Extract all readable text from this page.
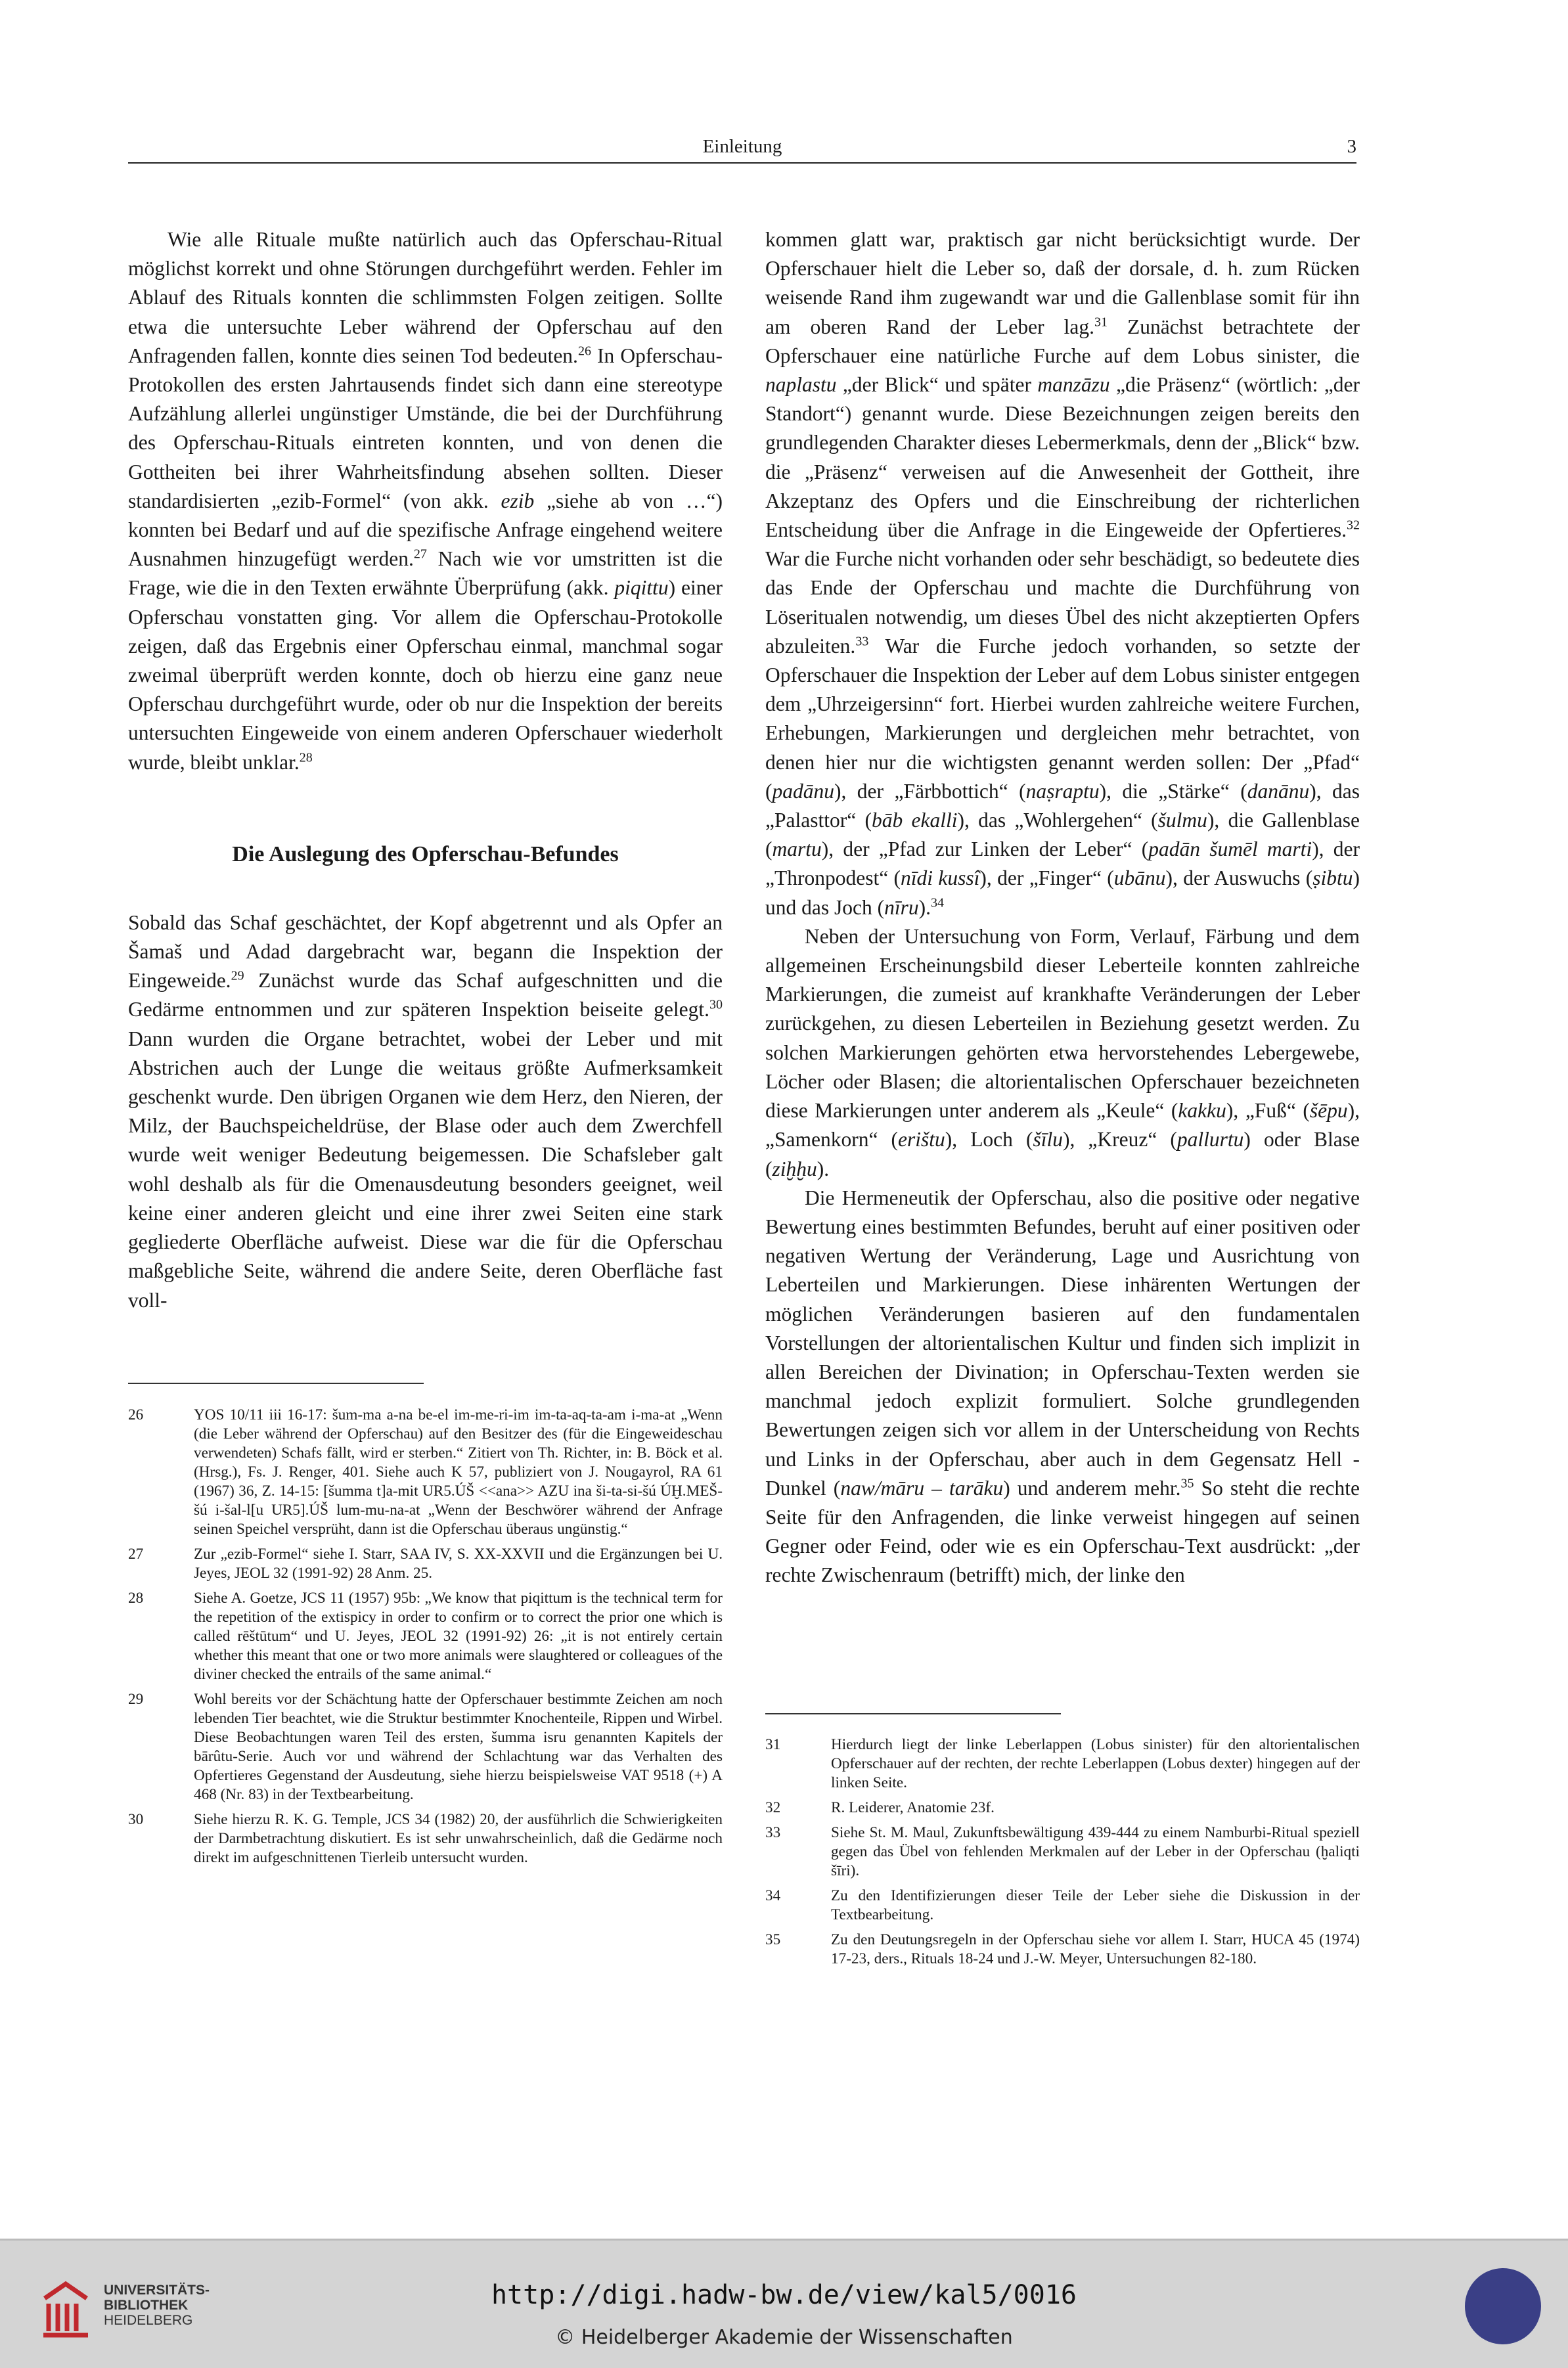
Einleitung	3

Wie alle Rituale mußte natürlich auch das Opferschau-Ritual möglichst korrekt und ohne Störungen durchgeführt werden. Fehler im Ablauf des Rituals konnten die schlimmsten Folgen zeitigen. Sollte etwa die untersuchte Leber während der Opferschau auf den Anfragenden fallen, konnte dies seinen Tod bedeuten.$^{26}$ In Opferschau-Protokollen des ersten Jahrtausends findet sich dann eine stereotype Aufzählung allerlei ungünstiger Umstände, die bei der Durchführung des Opferschau-Rituals eintreten konnten, und von denen die Gottheiten bei ihrer Wahrheitsfindung absehen sollten. Dieser standardisierten „ezib-Formel“ (von akk. ezib „siehe ab von …“) konnten bei Bedarf und auf die spezifische Anfrage eingehend weitere Ausnahmen hinzugefügt werden.$^{27}$ Nach wie vor umstritten ist die Frage, wie die in den Texten erwähnte Überprüfung (akk. piqittu) einer Opferschau vonstatten ging. Vor allem die Opferschau-Protokolle zeigen, daß das Ergebnis einer Opferschau einmal, manchmal sogar zweimal überprüft werden konnte, doch ob hierzu eine ganz neue Opferschau durchgeführt wurde, oder ob nur die Inspektion der bereits untersuchten Eingeweide von einem anderen Opferschauer wiederholt wurde, bleibt unklar.$^{28}$

Die Auslegung des Opferschau-Befundes

Sobald das Schaf geschächtet, der Kopf abgetrennt und als Opfer an Šamaš und Adad dargebracht war, begann die Inspektion der Eingeweide.$^{29}$ Zunächst wurde das Schaf aufgeschnitten und die Gedärme entnommen und zur späteren Inspektion beiseite gelegt.$^{30}$ Dann wurden die Organe betrachtet, wobei der Leber und mit Abstrichen auch der Lunge die weitaus größte Aufmerksamkeit geschenkt wurde. Den übrigen Organen wie dem Herz, den Nieren, der Milz, der Bauchspeicheldrüse, der Blase oder auch dem Zwerchfell wurde weit weniger Bedeutung beigemessen. Die Schafsleber galt wohl deshalb als für die Omenausdeutung besonders geeignet, weil keine einer anderen gleicht und eine ihrer zwei Seiten eine stark gegliederte Oberfläche aufweist. Diese war die für die Opferschau maßgebliche Seite, während die andere Seite, deren Oberfläche fast voll-

kommen glatt war, praktisch gar nicht berücksichtigt wurde. Der Opferschauer hielt die Leber so, daß der dorsale, d. h. zum Rücken weisende Rand ihm zugewandt war und die Gallenblase somit für ihn am oberen Rand der Leber lag.$^{31}$ Zunächst betrachtete der Opferschauer eine natürliche Furche auf dem Lobus sinister, die naplastu „der Blick“ und später manzāzu „die Präsenz“ (wörtlich: „der Standort“) genannt wurde. Diese Bezeichnungen zeigen bereits den grundlegenden Charakter dieses Lebermerkmals, denn der „Blick“ bzw. die „Präsenz“ verweisen auf die Anwesenheit der Gottheit, ihre Akzeptanz des Opfers und die Einschreibung der richterlichen Entscheidung über die Anfrage in die Eingeweide der Opfertieres.$^{32}$ War die Furche nicht vorhanden oder sehr beschädigt, so bedeutete dies das Ende der Opferschau und machte die Durchführung von Löseritualen notwendig, um dieses Übel des nicht akzeptierten Opfers abzuleiten.$^{33}$ War die Furche jedoch vorhanden, so setzte der Opferschauer die Inspektion der Leber auf dem Lobus sinister entgegen dem „Uhrzeigersinn“ fort. Hierbei wurden zahlreiche weitere Furchen, Erhebungen, Markierungen und dergleichen mehr betrachtet, von denen hier nur die wichtigsten genannt werden sollen: Der „Pfad“ (padānu), der „Färbbottich“ (naṣraptu), die „Stärke“ (danānu), das „Palasttor“ (bāb ekalli), das „Wohlergehen“ (šulmu), die Gallenblase (martu), der „Pfad zur Linken der Leber“ (padān šumēl marti), der „Thronpodest“ (nīdi kussî), der „Finger“ (ubānu), der Auswuchs (ṣibtu) und das Joch (nīru).$^{34}$

Neben der Untersuchung von Form, Verlauf, Färbung und dem allgemeinen Erscheinungsbild dieser Leberteile konnten zahlreiche Markierungen, die zumeist auf krankhafte Veränderungen der Leber zurückgehen, zu diesen Leberteilen in Beziehung gesetzt werden. Zu solchen Markierungen gehörten etwa hervorstehendes Lebergewebe, Löcher oder Blasen; die altorientalischen Opferschauer bezeichneten diese Markierungen unter anderem als „Keule“ (kakku), „Fuß“ (šēpu), „Samenkorn“ (erištu), Loch (šīlu), „Kreuz“ (pallurtu) oder Blase (ziḫḫu).

Die Hermeneutik der Opferschau, also die positive oder negative Bewertung eines bestimmten Befundes, beruht auf einer positiven oder negativen Wertung der Veränderung, Lage und Ausrichtung von Leberteilen und Markierungen. Diese inhärenten Wertungen der möglichen Veränderungen basieren auf den fundamentalen Vorstellungen der altorientalischen Kultur und finden sich implizit in allen Bereichen der Divination; in Opferschau-Texten werden sie manchmal jedoch explizit formuliert. Solche grundlegenden Bewertungen zeigen sich vor allem in der Unterscheidung von Rechts und Links in der Opferschau, aber auch in dem Gegensatz Hell - Dunkel (naw/māru – tarāku) und anderem mehr.$^{35}$ So steht die rechte Seite für den Anfragenden, die linke verweist hingegen auf seinen Gegner oder Feind, oder wie es ein Opferschau-Text ausdrückt: „der rechte Zwischenraum (betrifft) mich, der linke den

26	YOS 10/11 iii 16-17: šum-ma a-na be-el im-me-ri-im im-ta-aq-ta-am i-ma-at „Wenn (die Leber während der Opferschau) auf den Besitzer des (für die Eingeweideschau verwendeten) Schafs fällt, wird er sterben.“ Zitiert von Th. Richter, in: B. Böck et al. (Hrsg.), Fs. J. Renger, 401. Siehe auch K 57, publiziert von J. Nougayrol, RA 61 (1967) 36, Z. 14-15: [šumma t]a-mit UR5.ÚŠ <<ana>> AZU ina ši-ta-si-šú ÚḪ.MEŠ-šú i-šal-l[u UR5].ÚŠ lum-mu-na-at „Wenn der Beschwörer während der Anfrage seinen Speichel versprüht, dann ist die Opferschau überaus ungünstig.“
27	Zur „ezib-Formel“ siehe I. Starr, SAA IV, S. XX-XXVII und die Ergänzungen bei U. Jeyes, JEOL 32 (1991-92) 28 Anm. 25.
28	Siehe A. Goetze, JCS 11 (1957) 95b: „We know that piqittum is the technical term for the repetition of the extispicy in order to confirm or to correct the prior one which is called rēštūtum“ und U. Jeyes, JEOL 32 (1991-92) 26: „it is not entirely certain whether this meant that one or two more animals were slaughtered or colleagues of the diviner checked the entrails of the same animal.“
29	Wohl bereits vor der Schächtung hatte der Opferschauer bestimmte Zeichen am noch lebenden Tier beachtet, wie die Struktur bestimmter Knochenteile, Rippen und Wirbel. Diese Beobachtungen waren Teil des ersten, šumma isru genannten Kapitels der bārûtu-Serie. Auch vor und während der Schlachtung war das Verhalten des Opfertieres Gegenstand der Ausdeutung, siehe hierzu beispielsweise VAT 9518 (+) A 468 (Nr. 83) in der Textbearbeitung.
30	Siehe hierzu R. K. G. Temple, JCS 34 (1982) 20, der ausführlich die Schwierigkeiten der Darmbetrachtung diskutiert. Es ist sehr unwahrscheinlich, daß die Gedärme noch direkt im aufgeschnittenen Tierleib untersucht wurden.
31	Hierdurch liegt der linke Leberlappen (Lobus sinister) für den altorientalischen Opferschauer auf der rechten, der rechte Leberlappen (Lobus dexter) hingegen auf der linken Seite.
32	R. Leiderer, Anatomie 23f.
33	Siehe St. M. Maul, Zukunftsbewältigung 439-444 zu einem Namburbi-Ritual speziell gegen das Übel von fehlenden Merkmalen auf der Leber in der Opferschau (ḫaliqti šīri).
34	Zu den Identifizierungen dieser Teile der Leber siehe die Diskussion in der Textbearbeitung.
35	Zu den Deutungsregeln in der Opferschau siehe vor allem I. Starr, HUCA 45 (1974) 17-23, ders., Rituals 18-24 und J.-W. Meyer, Untersuchungen 82-180.
UNIVERSITÄTS-
BIBLIOTHEK
HEIDELBERG
http://digi.hadw-bw.de/view/kal5/0016
© Heidelberger Akademie der Wissenschaften
